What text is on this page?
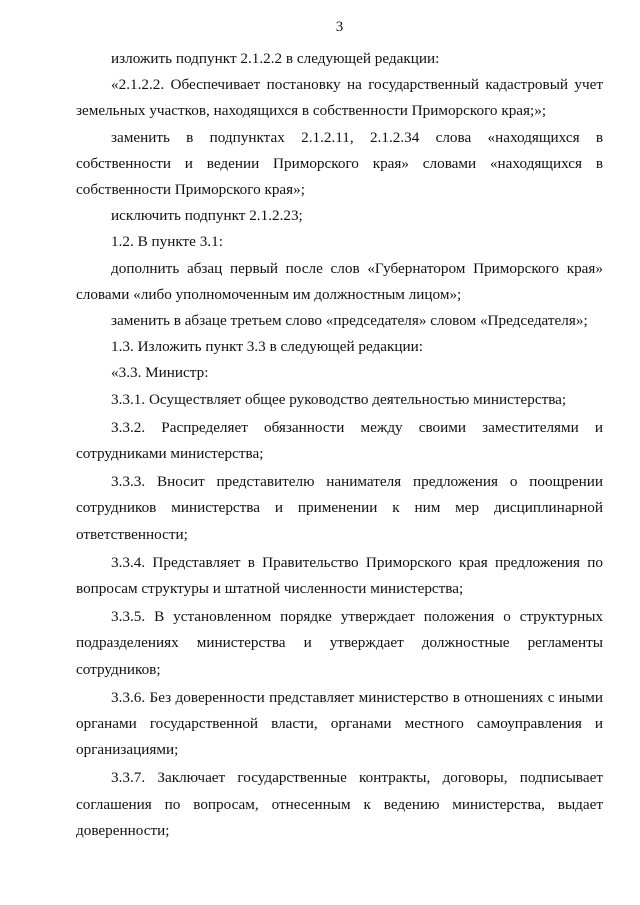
3

изложить подпункт 2.1.2.2 в следующей редакции:

«2.1.2.2. Обеспечивает постановку на государственный кадастровый учет земельных участков, находящихся в собственности Приморского края;»;

заменить в подпунктах 2.1.2.11, 2.1.2.34 слова «находящихся в собственности и ведении Приморского края» словами «находящихся в собственности Приморского края»;

исключить подпункт 2.1.2.23;

1.2. В пункте 3.1:

дополнить абзац первый после слов «Губернатором Приморского края» словами «либо уполномоченным им должностным лицом»;

заменить в абзаце третьем слово «председателя» словом «Председателя»;

1.3. Изложить пункт 3.3 в следующей редакции:

«3.3. Министр:

3.3.1. Осуществляет общее руководство деятельностью министерства;

3.3.2. Распределяет обязанности между своими заместителями и сотрудниками министерства;

3.3.3. Вносит представителю нанимателя предложения о поощрении сотрудников министерства и применении к ним мер дисциплинарной ответственности;

3.3.4. Представляет в Правительство Приморского края предложения по вопросам структуры и штатной численности министерства;

3.3.5. В установленном порядке утверждает положения о структурных подразделениях министерства и утверждает должностные регламенты сотрудников;

3.3.6. Без доверенности представляет министерство в отношениях с иными органами государственной власти, органами местного самоуправления и организациями;

3.3.7. Заключает государственные контракты, договоры, подписывает соглашения по вопросам, отнесенным к ведению министерства, выдает доверенности;
